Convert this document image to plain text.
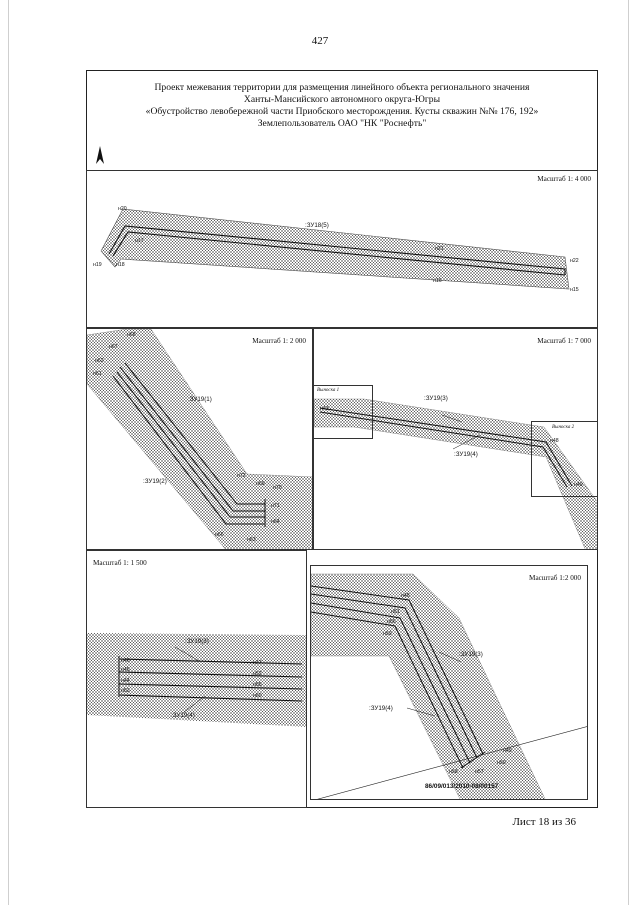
427
Проект межевания территории для размещения линейного объекта регионального значения
Ханты-Мансийского автономного округа-Югры
«Обустройство левобережной части Приобского месторождения. Кусты скважин №№ 176, 192»
Землепользователь ОАО "НК "Роснефть"
Масштаб 1: 4 000
:ЗУ18(5)
н20
н17
н19	н18
н21
н16
н22
н15
Масштаб 1: 2 000
:ЗУ19(1)
:ЗУ19(2)
н68
н67
н62
н61
н72
н69
н70
н71
н64
н66
н63
Масштаб 1: 7 000
Выноска 1
Выноска 2
:ЗУ19(3)
:ЗУ19(4)
н43
н48
н49
Масштаб 1: 1 500
:ЗУ19(3)
:ЗУ19(4)
н46
н45
н44
н53
н47
н52
н55
н60
Масштаб 1:2 000
:ЗУ19(3)
:ЗУ19(4)
н48
н51
н56
н59
н49
н50
н58	н57
86/09/013/2010-08/00157
Лист 18 из 36
